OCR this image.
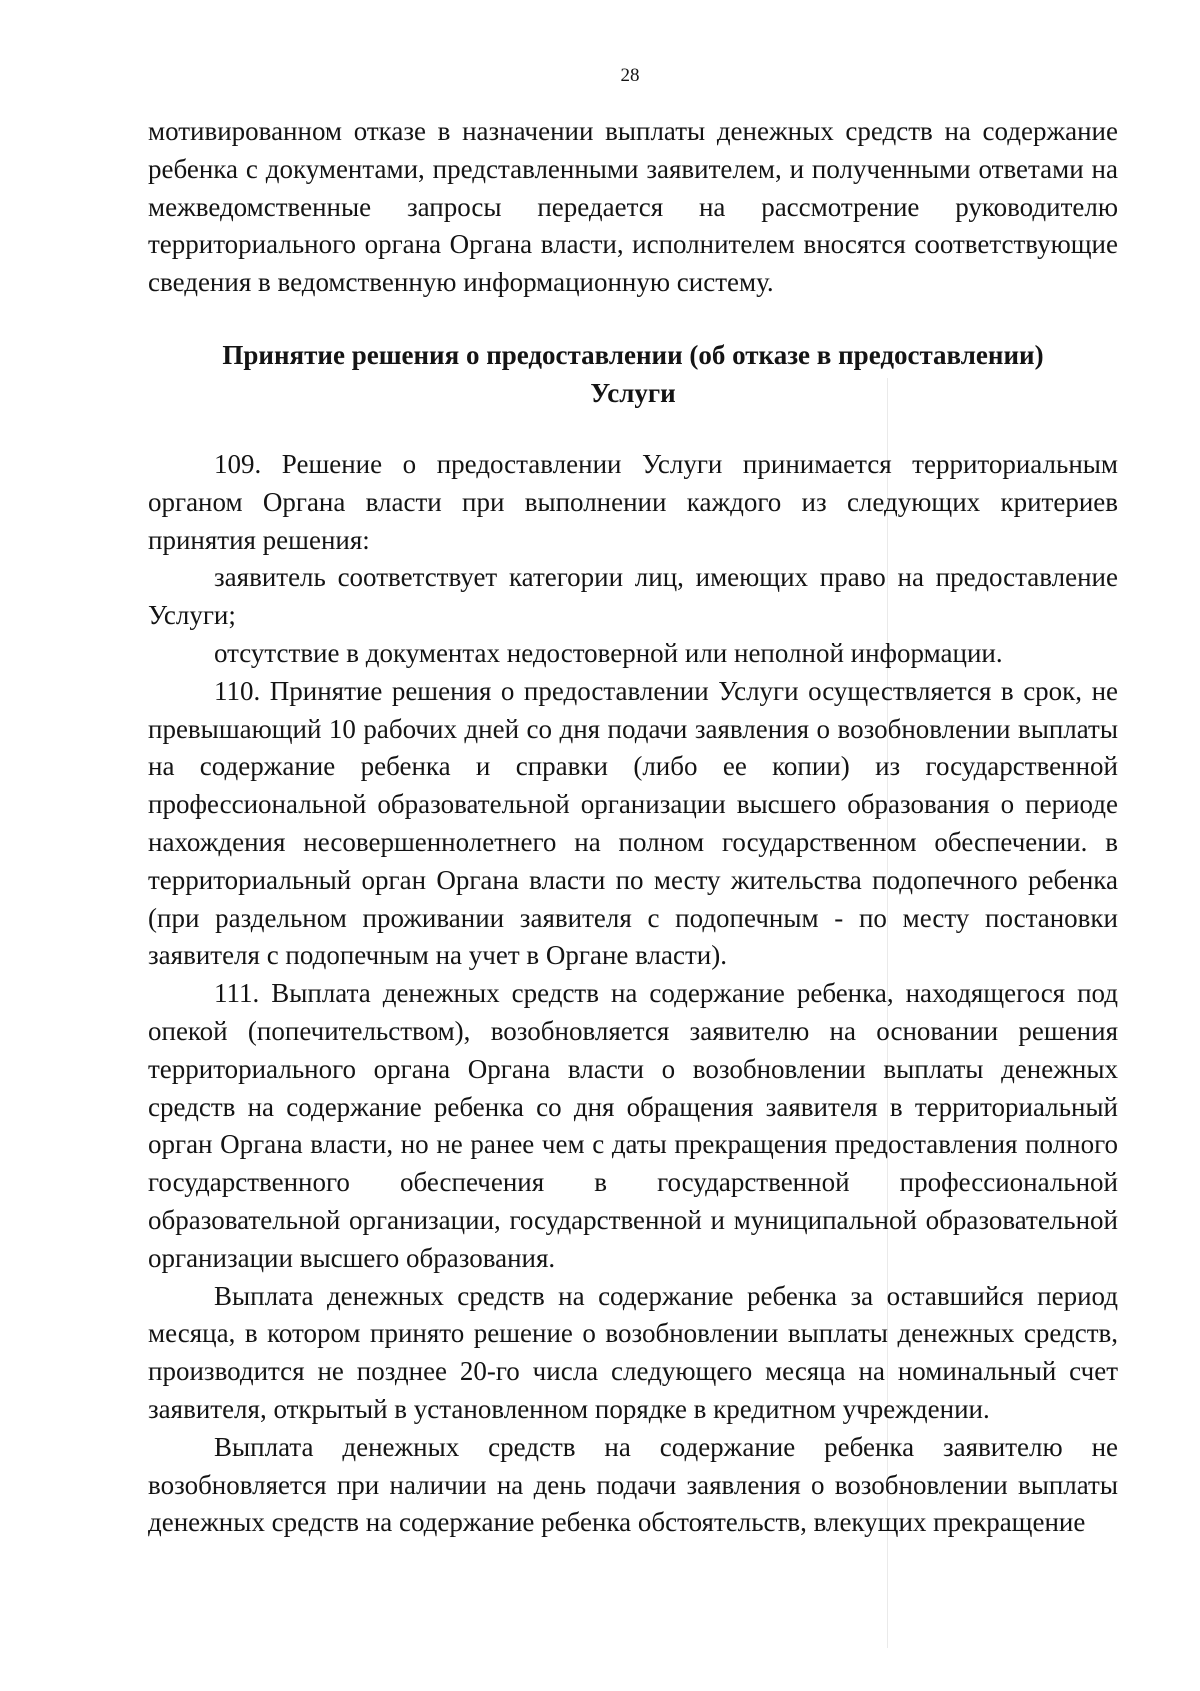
28

мотивированном отказе в назначении выплаты денежных средств на содержание ребенка с документами, представленными заявителем, и полученными ответами на межведомственные запросы передается на рассмотрение руководителю территориального органа Органа власти, исполнителем вносятся соответствующие сведения в ведомственную информационную систему.

Принятие решения о предоставлении (об отказе в предоставлении)
Услуги

109. Решение о предоставлении Услуги принимается территориальным органом Органа власти при выполнении каждого из следующих критериев принятия решения:

заявитель соответствует категории лиц, имеющих право на предоставление Услуги;

отсутствие в документах недостоверной или неполной информации.

110. Принятие решения о предоставлении Услуги осуществляется в срок, не превышающий 10 рабочих дней со дня подачи заявления о возобновлении выплаты на содержание ребенка и справки (либо ее копии) из государственной профессиональной образовательной организации высшего образования о периоде нахождения несовершеннолетнего на полном государственном обеспечении. в территориальный орган Органа власти по месту жительства подопечного ребенка (при раздельном проживании заявителя с подопечным - по месту постановки заявителя с подопечным на учет в Органе власти).

111. Выплата денежных средств на содержание ребенка, находящегося под опекой (попечительством), возобновляется заявителю на основании решения территориального органа Органа власти о возобновлении выплаты денежных средств на содержание ребенка со дня обращения заявителя в территориальный орган Органа власти, но не ранее чем с даты прекращения предоставления полного государственного обеспечения в государственной профессиональной образовательной организации, государственной и муниципальной образовательной организации высшего образования.

Выплата денежных средств на содержание ребенка за оставшийся период месяца, в котором принято решение о возобновлении выплаты денежных средств, производится не позднее 20-го числа следующего месяца на номинальный счет заявителя, открытый в установленном порядке в кредитном учреждении.

Выплата денежных средств на содержание ребенка заявителю не возобновляется при наличии на день подачи заявления о возобновлении выплаты денежных средств на содержание ребенка обстоятельств, влекущих прекращение
